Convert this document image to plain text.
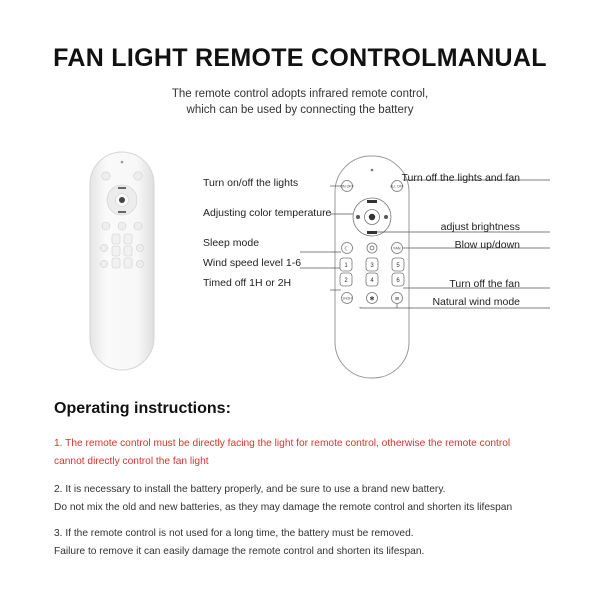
FAN LIGHT REMOTE CONTROLMANUAL
The remote control adopts infrared remote control,
which can be used by connecting the battery
ON OFF	ALL OFF
☾	FAN
1	3	5
2	4	6
1H/2H	✱	≋
Turn on/off the lights
Adjusting color temperature
Sleep mode
Wind speed level 1-6
Timed off 1H or 2H
Turn off the lights and fan
adjust brightness
Blow up/down
Turn off the fan
Natural wind mode
Operating instructions:
1. The remote control must be directly facing the light for remote control, otherwise the remote control
cannot directly control the fan light
2. It is necessary to install the battery properly, and be sure to use a brand new battery.
Do not mix the old and new batteries, as they may damage the remote control and shorten its lifespan
3. If the remote control is not used for a long time, the battery must be removed.
Failure to remove it can easily damage the remote control and shorten its lifespan.
